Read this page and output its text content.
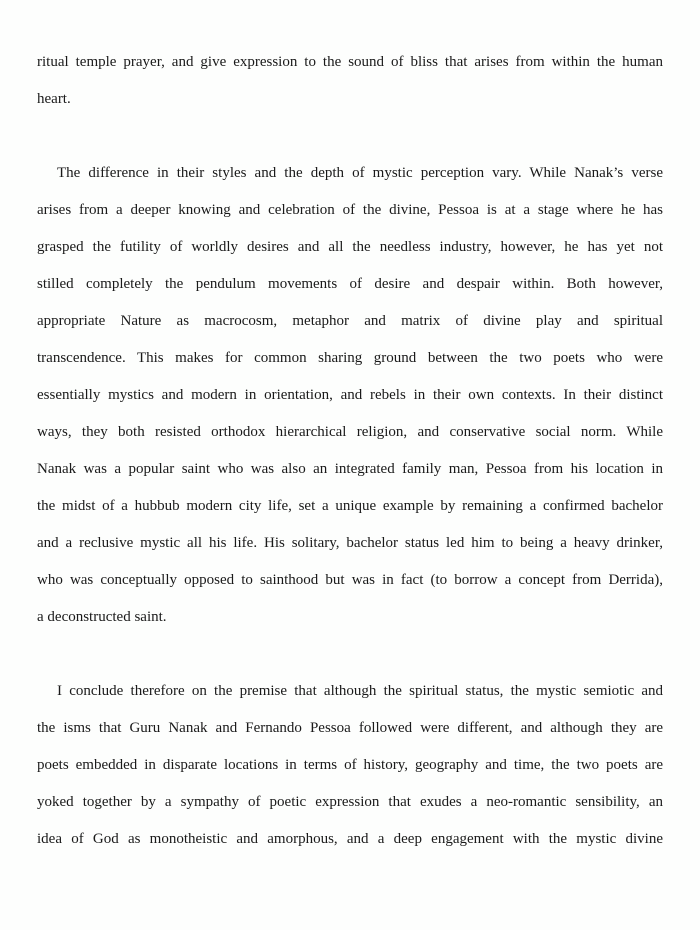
ritual temple prayer, and give expression to the sound of bliss that arises from within the human
heart.
The difference in their styles and the depth of mystic perception vary. While Nanak’s verse
arises from a deeper knowing and celebration of the divine, Pessoa is at a stage where he has
grasped the futility of worldly desires and all the needless industry, however, he has yet not
stilled completely the pendulum movements of desire and despair within. Both however,
appropriate Nature as macrocosm, metaphor and matrix of divine play and spiritual
transcendence. This makes for common sharing ground between the two poets who were
essentially mystics and modern in orientation, and rebels in their own contexts. In their distinct
ways, they both resisted orthodox hierarchical religion, and conservative social norm. While
Nanak was a popular saint who was also an integrated family man, Pessoa from his location in
the midst of a hubbub modern city life, set a unique example by remaining a confirmed bachelor
and a reclusive mystic all his life. His solitary, bachelor status led him to being a heavy drinker,
who was conceptually opposed to sainthood but was in fact (to borrow a concept from Derrida),
a deconstructed saint.
I conclude therefore on the premise that although the spiritual status, the mystic semiotic and
the isms that Guru Nanak and Fernando Pessoa followed were different, and although they are
poets embedded in disparate locations in terms of history, geography and time, the two poets are
yoked together by a sympathy of poetic expression that exudes a neo-romantic sensibility, an
idea of God as monotheistic and amorphous, and a deep engagement with the mystic divine
